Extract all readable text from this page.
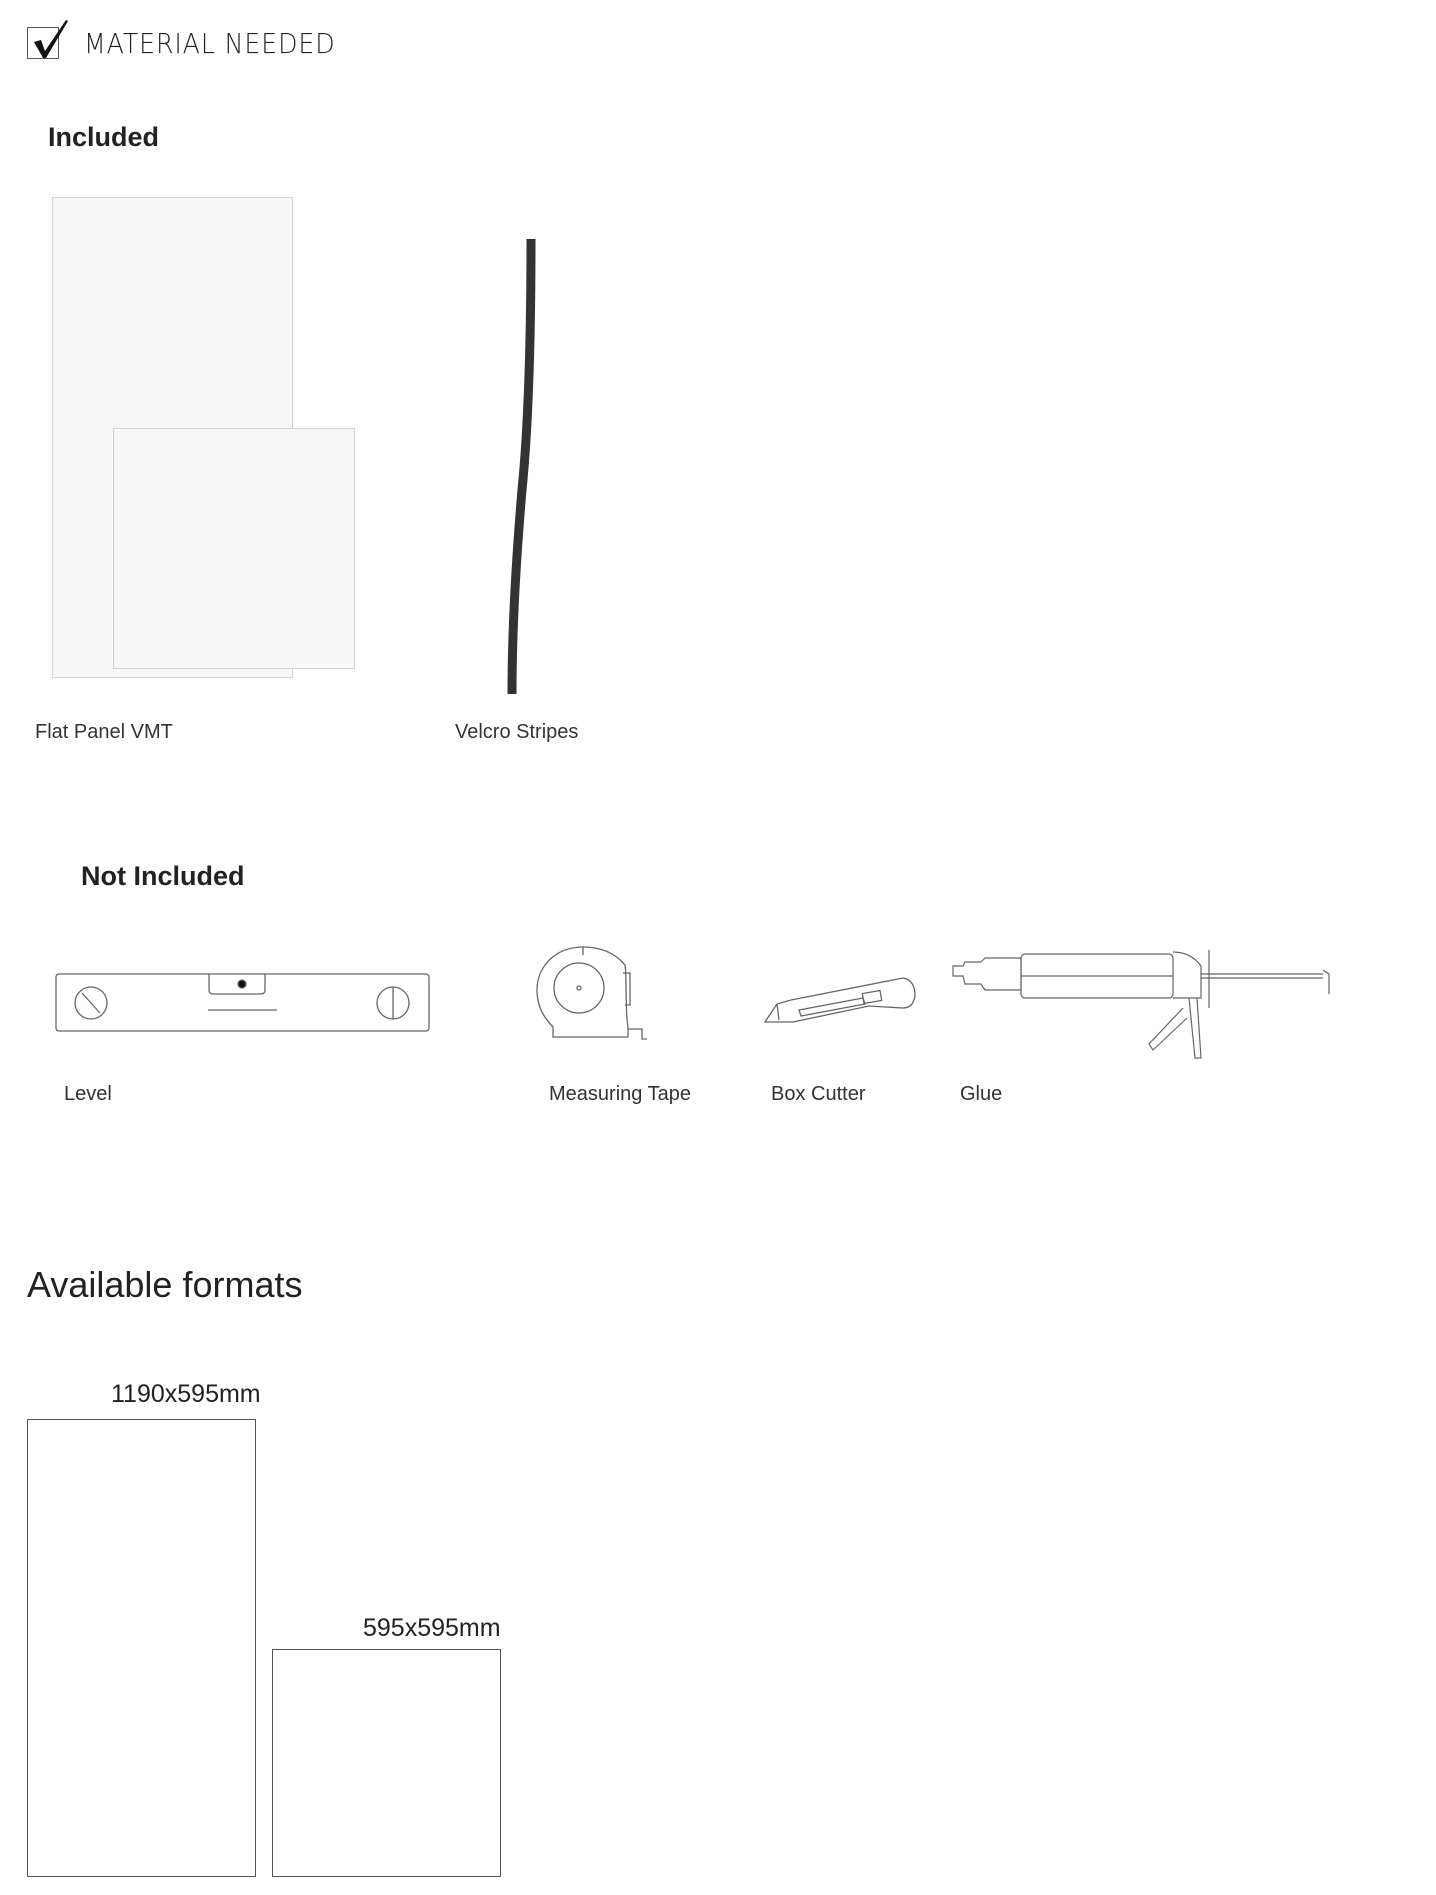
MATERIAL NEEDED
Included
Flat Panel VMT	Velcro Stripes
Not Included
Level	Measuring Tape	Box Cutter	Glue
Available formats
1190x595mm
595x595mm
